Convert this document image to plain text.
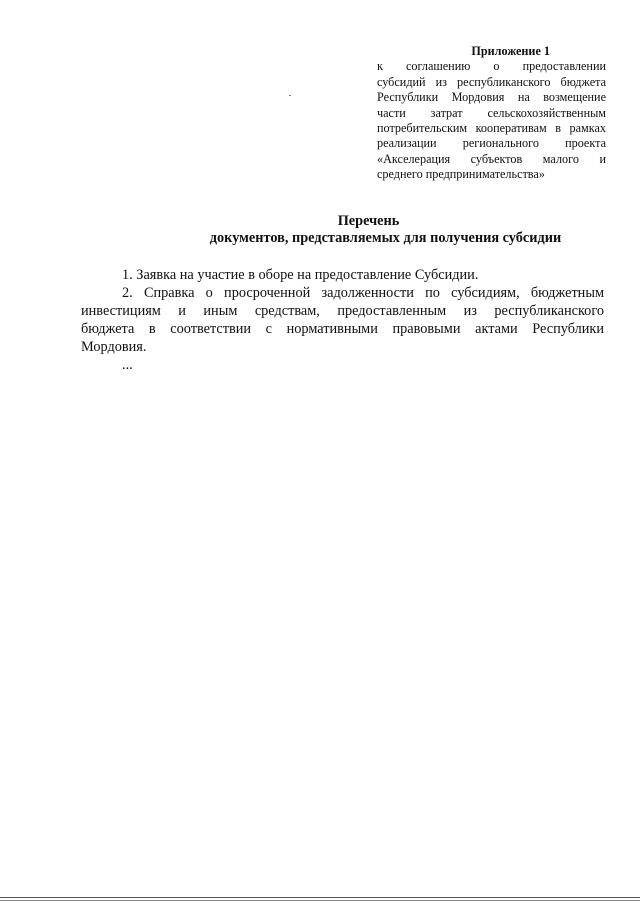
Приложение 1
к соглашению о предоставлении
субсидий из республиканского бюджета
Республики Мордовия на возмещение
части затрат сельскохозяйственным
потребительским кооперативам в рамках
реализации регионального проекта
«Акселерация субъектов малого и
среднего предпринимательства»
Перечень
документов, представляемых для получения субсидии

1. Заявка на участие в оборе на предоставление Субсидии.

2. Справка о просроченной задолженности по субсидиям, бюджетным
инвестициям и иным средствам, предоставленным из республиканского
бюджета в соответствии с нормативными правовыми актами Республики
Мордовия.

...
